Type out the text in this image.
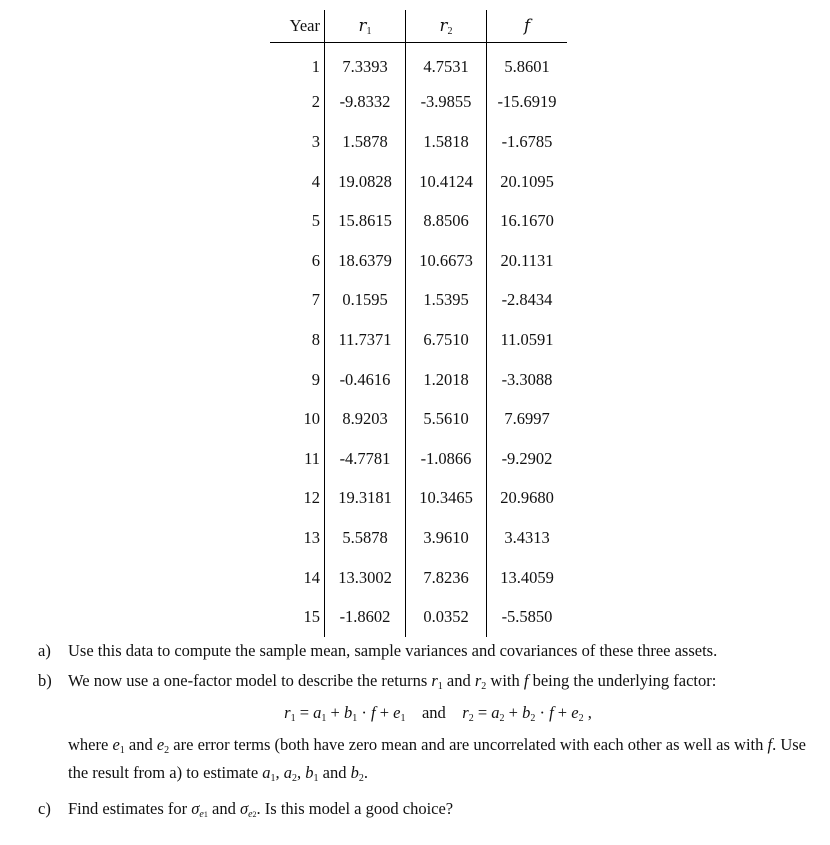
Year	$r_1$	$r_2$	f
1	7.3393	4.7531	5.8601
2	-9.8332	-3.9855	-15.6919
3	1.5878	1.5818	-1.6785
4	19.0828	10.4124	20.1095
5	15.8615	8.8506	16.1670
6	18.6379	10.6673	20.1131
7	0.1595	1.5395	-2.8434
8	11.7371	6.7510	11.0591
9	-0.4616	1.2018	-3.3088
10	8.9203	5.5610	7.6997
11	-4.7781	-1.0866	-9.2902
12	19.3181	10.3465	20.9680
13	5.5878	3.9610	3.4313
14	13.3002	7.8236	13.4059
15	-1.8602	0.0352	-5.5850
a) Use this data to compute the sample mean, sample variances and covariances of these three assets.
b) We now use a one-factor model to describe the returns $r_1$ and $r_2$ with f being the underlying factor:
$r_1 = a_1 + b_1 \cdot f + e_1$ and $r_2 = a_2 + b_2 \cdot f + e_2$ ,
where $e_1$ and $e_2$ are error terms (both have zero mean and are uncorrelated with each other as well as with f. Use the result from a) to estimate $a_1$, $a_2$, $b_1$ and $b_2$.
c) Find estimates for $\sigma_{e1}$ and $\sigma_{e2}$. Is this model a good choice?
